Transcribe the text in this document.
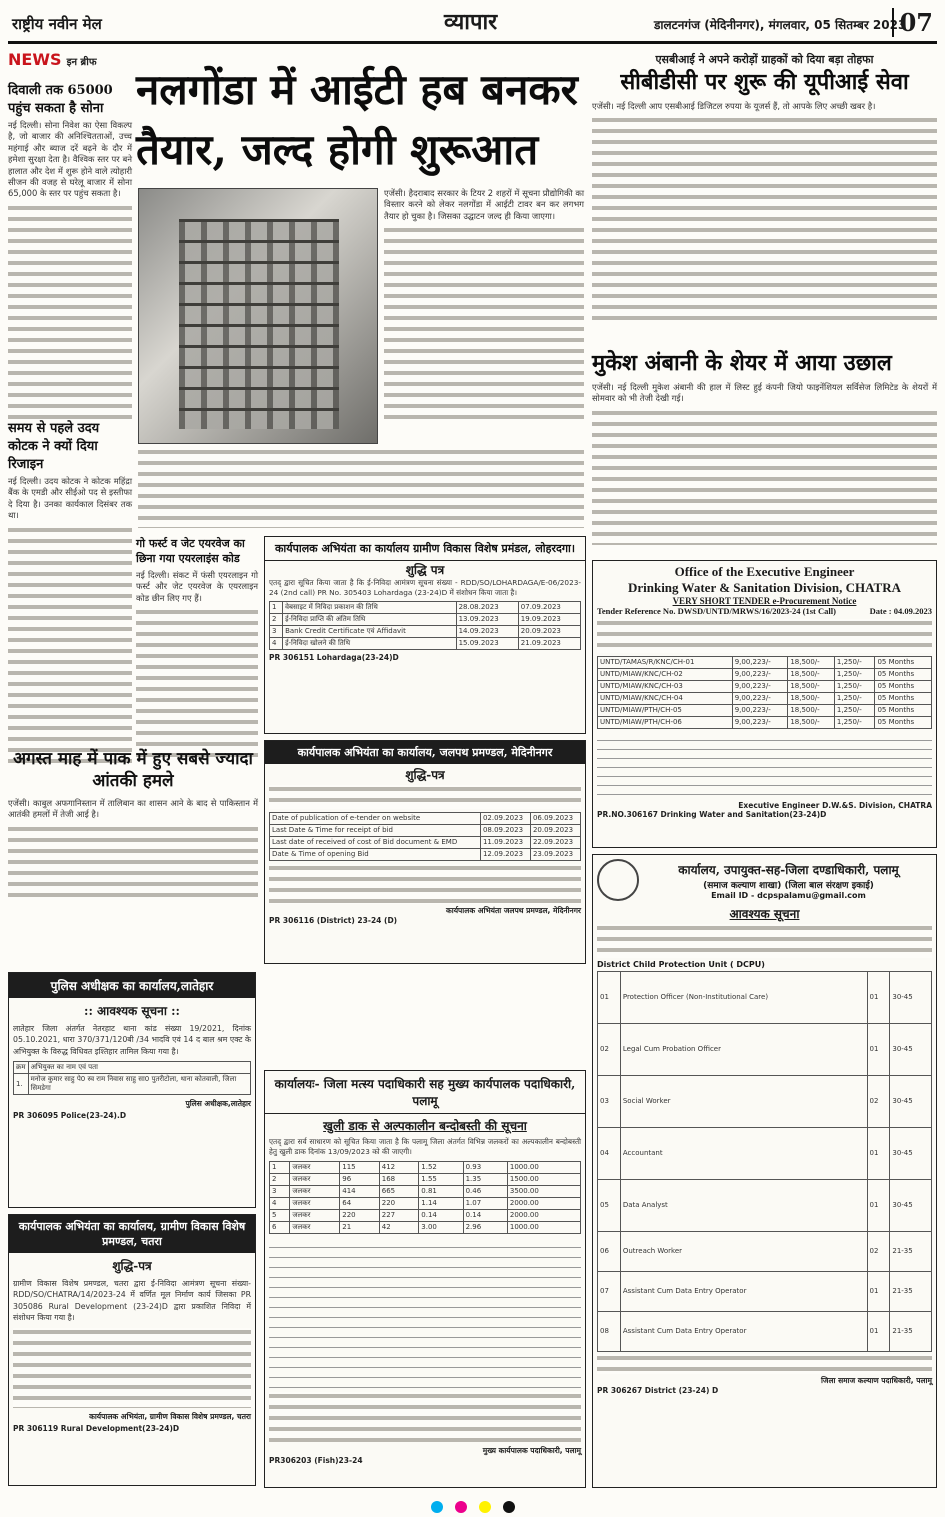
राष्ट्रीय नवीन मेल	व्यापार	डालटनगंज (मेदिनीनगर), मंगलवार, 05 सितम्बर 2023
07
NEWS इन ब्रीफ
दिवाली तक 65000 पहुंच सकता है सोना
नई दिल्ली। सोना निवेश का ऐसा विकल्प है, जो बाजार की अनिश्चितताओं, उच्च महंगाई और ब्याज दरें बढ़ने के दौर में हमेशा सुरक्षा देता है। वैश्विक स्तर पर बने हालात और देश में शुरू होने वाले त्योहारी सीजन की वजह से घरेलू बाजार में सोना 65,000 के स्तर पर पहुंच सकता है।
समय से पहले उदय कोटक ने क्यों दिया रिजाइन
नई दिल्ली। उदय कोटक ने कोटक महिंद्रा बैंक के एमडी और सीईओ पद से इस्तीफा दे दिया है। उनका कार्यकाल दिसंबर तक था।
नलगोंडा में आईटी हब बनकर
तैयार, जल्द होगी शुरूआत
एजेंसी। हैदराबाद सरकार के टियर 2 शहरों में सूचना प्रौद्योगिकी का विस्तार करने को लेकर नलगोंडा में आईटी टावर बन कर लगभग तैयार हो चुका है। जिसका उद्घाटन जल्द ही किया जाएगा।
गो फर्स्ट व जेट एयरवेज का छिना गया एयरलाइंस कोड
नई दिल्ली। संकट में फंसी एयरलाइन गो फर्स्ट और जेट एयरवेज के एयरलाइन कोड छीन लिए गए हैं।
अगस्त माह में पाक में हुए सबसे ज्यादा आंतकी हमले
एजेंसी। काबुल अफगानिस्तान में तालिबान का शासन आने के बाद से पाकिस्तान में आतंकी हमलों में तेजी आई है।
पुलिस अधीक्षक का कार्यालय,लातेहार
:: आवश्यक सूचना ::
लातेहार जिला अंतर्गत नेतरहाट थाना कांड संख्या 19/2021, दिनांक 05.10.2021, धारा 370/371/120बी /34 भादवि एवं 14 द बाल श्रम एक्ट के अभियुक्त के विरुद्ध विधिवत इश्तिहार तामिल किया गया है।
क्रम	अभियुक्त का नाम एवं पता
1.	मनोज कुमार साहु पे0 स्व राम निवास साहु सा0 पुतरीटोला, थाना कोतवाली, जिला सिमडेगा
पुलिस अधीक्षक,लातेहार
PR 306095 Police(23-24).D
कार्यपालक अभियंता का कार्यालय, ग्रामीण विकास विशेष प्रमण्डल, चतरा
शुद्धि-पत्र
ग्रामीण विकास विशेष प्रमण्डल, चतरा द्वारा ई-निविदा आमंत्रण सूचना संख्या- RDD/SO/CHATRA/14/2023-24 में वर्णित मूल निर्माण कार्य जिसका PR 305086 Rural Development (23-24)D द्वारा प्रकाशित निविदा में संशोधन किया गया है।
कार्यपालक अभियंता, ग्रामीण विकास विशेष प्रमण्डल, चतरा
PR 306119 Rural Development(23-24)D
कार्यपालक अभियंता का कार्यालय ग्रामीण विकास विशेष प्रमंडल, लोहरदगा।
शुद्धि पत्र
एतद् द्वारा सूचित किया जाता है कि ई-निविदा आमंत्रण सूचना संख्या - RDD/SO/LOHARDAGA/E-06/2023-24 (2nd call) PR No. 305403 Lohardaga (23-24)D में संशोधन किया जाता है।
1	वेबसाइट में निविदा प्रकाशन की तिथि	28.08.2023	07.09.2023
2	ई-निविदा प्राप्ति की अंतिम तिथि	13.09.2023	19.09.2023
3	Bank Credit Certificate एवं Affidavit	14.09.2023	20.09.2023
4	ई-निविदा खोलने की तिथि	15.09.2023	21.09.2023
PR 306151 Lohardaga(23-24)D
कार्यपालक अभियंता का कार्यालय, जलपथ प्रमण्डल, मेदिनीनगर
शुद्धि-पत्र
Date of publication of e-tender on website	02.09.2023	06.09.2023
Last Date & Time for receipt of bid	08.09.2023	20.09.2023
Last date of received of cost of Bid document & EMD	11.09.2023	22.09.2023
Date & Time of opening Bid	12.09.2023	23.09.2023
कार्यपालक अभियंता जलपथ प्रमण्डल, मेदिनीनगर
PR 306116 (District) 23-24 (D)
कार्यालयः- जिला मत्स्य पदाधिकारी सह मुख्य कार्यपालक पदाधिकारी, पलामू
खुली डाक से अल्पकालीन बन्दोबस्ती की सूचना
एतद् द्वारा सर्व साधारण को सूचित किया जाता है कि पलामू जिला अंतर्गत विभिन्न जलकरों का अल्पकालीन बन्दोबस्ती हेतु खुली डाक दिनांक 13/09/2023 को की जाएगी।
1	जलकर	115	412	1.52	0.93	1000.00
2	जलकर	96	168	1.55	1.35	1500.00
3	जलकर	414	665	0.81	0.46	3500.00
4	जलकर	64	220	1.14	1.07	2000.00
5	जलकर	220	227	0.14	0.14	2000.00
6	जलकर	21	42	3.00	2.96	1000.00
मुख्य कार्यपालक पदाधिकारी, पलामू
PR306203 (Fish)23-24
एसबीआई ने अपने करोड़ों ग्राहकों को दिया बड़ा तोहफा
सीबीडीसी पर शुरू की यूपीआई सेवा
एजेंसी। नई दिल्ली आप एसबीआई डिजिटल रुपया के यूजर्स हैं, तो आपके लिए अच्छी खबर है।
मुकेश अंबानी के शेयर में आया उछाल
एजेंसी। नई दिल्ली मुकेश अंबानी की हाल में लिस्ट हुई कंपनी जियो फाइनेंशियल सर्विसेज लिमिटेड के शेयरों में सोमवार को भी तेजी देखी गई।
Office of the Executive Engineer
Drinking Water & Sanitation Division, CHATRA
VERY SHORT TENDER e-Procurement Notice
Tender Reference No. DWSD/UNTD/MRWS/16/2023-24 (1st Call)	Date : 04.09.2023
UNTD/TAMAS/R/KNC/CH-01	9,00,223/-	18,500/-	1,250/-	05 Months
UNTD/MIAW/KNC/CH-02	9,00,223/-	18,500/-	1,250/-	05 Months
UNTD/MIAW/KNC/CH-03	9,00,223/-	18,500/-	1,250/-	05 Months
UNTD/MIAW/KNC/CH-04	9,00,223/-	18,500/-	1,250/-	05 Months
UNTD/MIAW/PTH/CH-05	9,00,223/-	18,500/-	1,250/-	05 Months
UNTD/MIAW/PTH/CH-06	9,00,223/-	18,500/-	1,250/-	05 Months
Executive Engineer D.W.&S. Division, CHATRA
PR.NO.306167 Drinking Water and Sanitation(23-24)D
कार्यालय, उपायुक्त-सह-जिला दण्डाधिकारी, पलामू
(समाज कल्याण शाखा) (जिला बाल संरक्षण इकाई)
Email ID - dcpspalamu@gmail.com
आवश्यक सूचना
District Child Protection Unit ( DCPU)
01	Protection Officer (Non-Institutional Care)	01	30-45
02	Legal Cum Probation Officer	01	30-45
03	Social Worker	02	30-45
04	Accountant	01	30-45
05	Data Analyst	01	30-45
06	Outreach Worker	02	21-35
07	Assistant Cum Data Entry Operator	01	21-35
08	Assistant Cum Data Entry Operator	01	21-35
जिला समाज कल्याण पदाधिकारी, पलामू
PR 306267 District (23-24) D
